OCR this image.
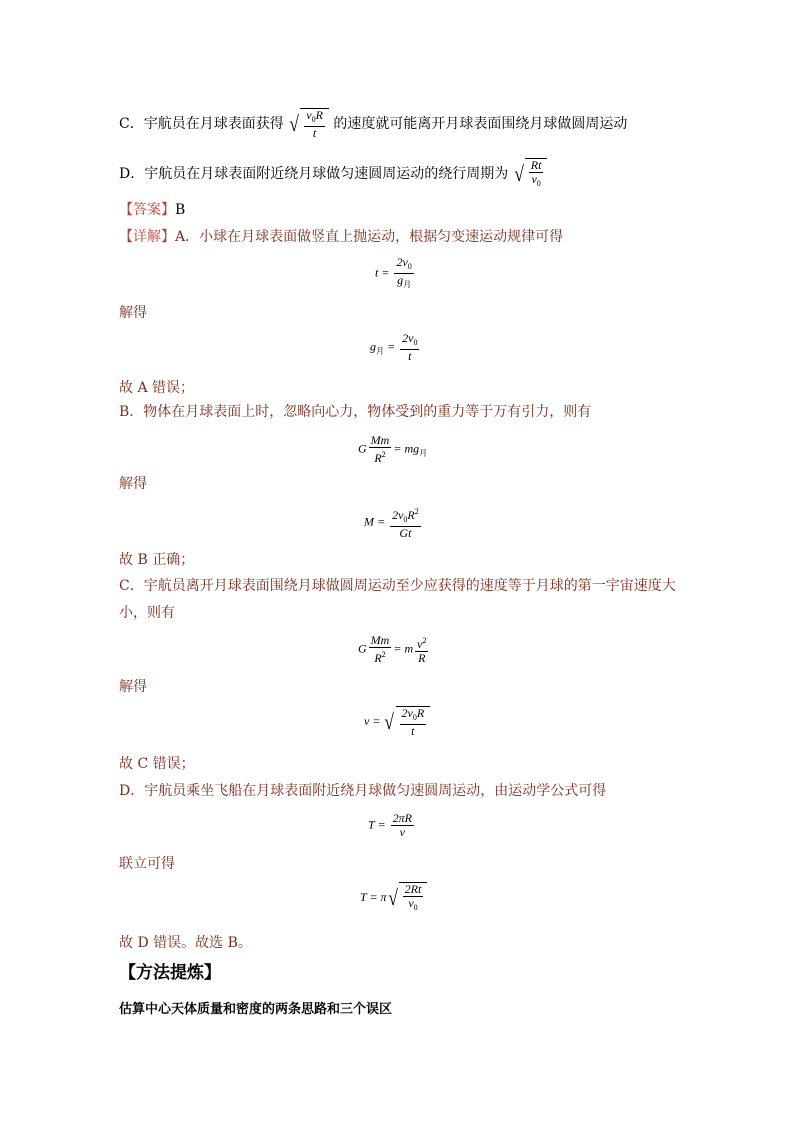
C．宇航员在月球表面获得 √ $\frac{v_0R}{t}$ 的速度就可能离开月球表面围绕月球做圆周运动
D．宇航员在月球表面附近绕月球做匀速圆周运动的绕行周期为 √ $\frac{Rt}{v_0}$
【答案】B
【详解】A．小球在月球表面做竖直上抛运动，根据匀变速运动规律可得
$t = \frac{2v_0}{g_月}$
解得
$g_月 = \frac{2v_0}{t}$
故 A 错误；
B．物体在月球表面上时，忽略向心力，物体受到的重力等于万有引力，则有
G $\frac{Mm}{R^2} = mg_月$
解得
$M = \frac{2v_0R^2}{Gt}$
故 B 正确；
C．宇航员离开月球表面围绕月球做圆周运动至少应获得的速度等于月球的第一宇宙速度大
小，则有
G $\frac{Mm}{R^2} = m \frac{v^2}{R}$
解得
v = √ $\frac{2v_0R}{t}$
故 C 错误；
D．宇航员乘坐飞船在月球表面附近绕月球做匀速圆周运动，由运动学公式可得
$T = \frac{2\pi R}{v}$
联立可得
T = π √ $\frac{2Rt}{v_0}$
故 D 错误。故选 B。
【方法提炼】
估算中心天体质量和密度的两条思路和三个误区
